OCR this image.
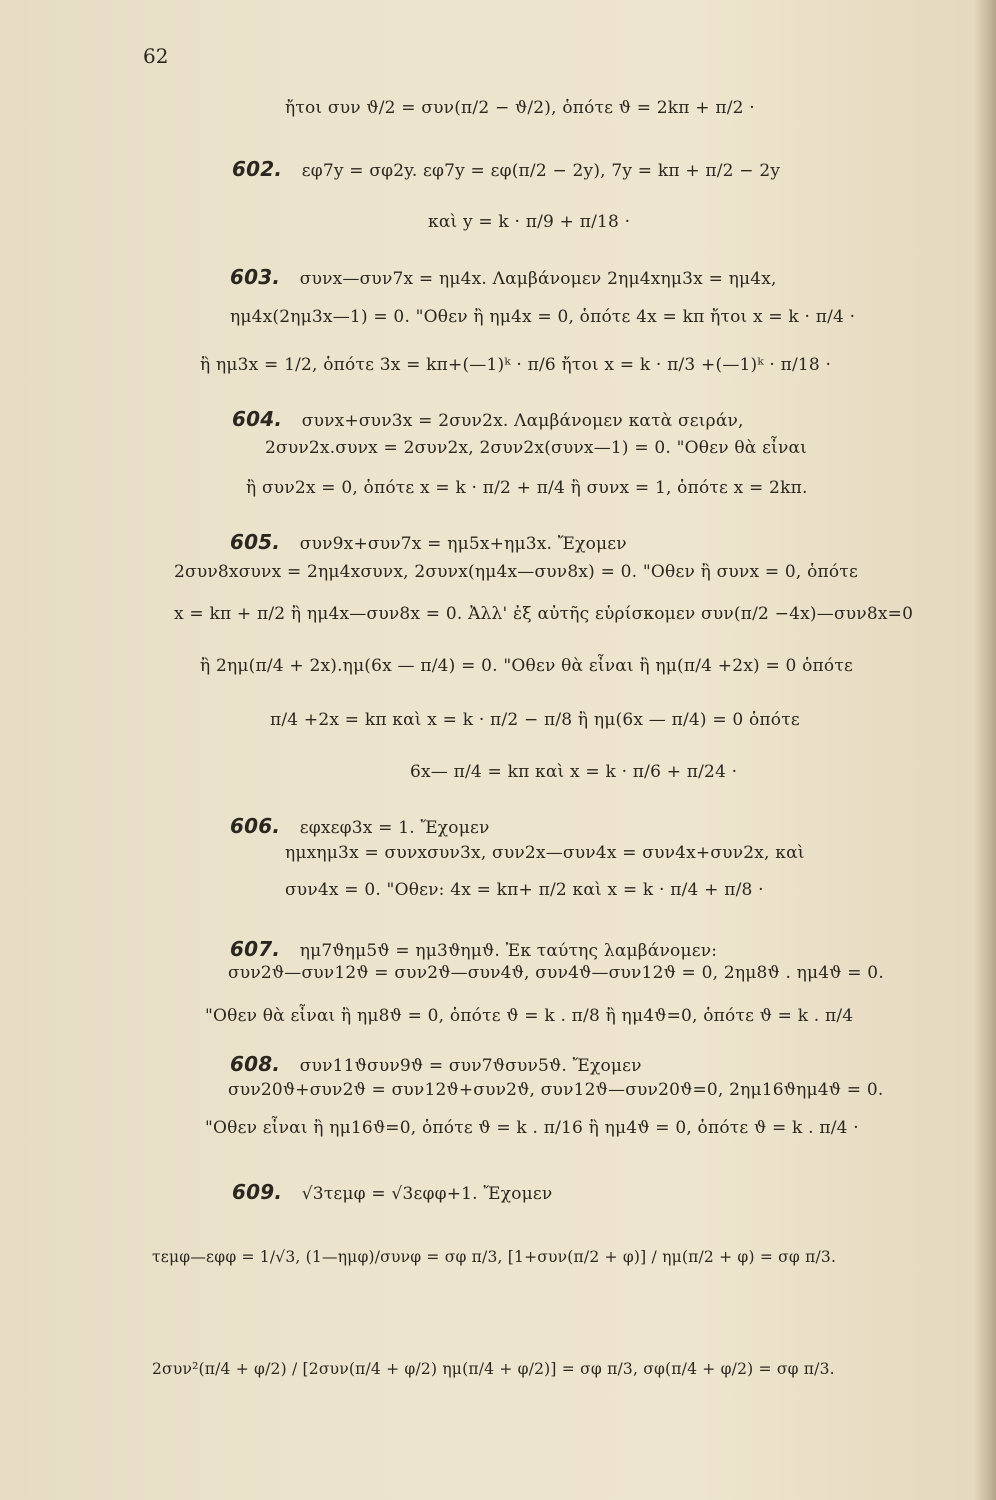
62
ἤτοι συν ϑ/2 = συν(π/2 − ϑ/2), ὁπότε ϑ = 2kπ + π/2 ·
602. εφ7y = σφ2y. εφ7y = εφ(π/2 − 2y), 7y = kπ + π/2 − 2y
καὶ y = k · π/9 + π/18 ·
603. συνx—συν7x = ημ4x. Λαμβάνομεν 2ημ4xημ3x = ημ4x,
ημ4x(2ημ3x—1) = 0. "Οθεν ἢ ημ4x = 0, ὁπότε 4x = kπ ἤτοι x = k · π/4 ·
ἢ ημ3x = 1/2, ὁπότε 3x = kπ+(—1)ᵏ · π/6 ἤτοι x = k · π/3 +(—1)ᵏ · π/18 ·
604. συνx+συν3x = 2συν2x. Λαμβάνομεν κατὰ σειράν,
2συν2x.συνx = 2συν2x, 2συν2x(συνx—1) = 0. "Οθεν θὰ εἶναι
ἢ συν2x = 0, ὁπότε x = k · π/2 + π/4 ἢ συνx = 1, ὁπότε x = 2kπ.
605. συν9x+συν7x = ημ5x+ημ3x. Ἔχομεν
2συν8xσυνx = 2ημ4xσυνx, 2συνx(ημ4x—συν8x) = 0. "Οθεν ἢ συνx = 0, ὁπότε
x = kπ + π/2 ἢ ημ4x—συν8x = 0. Ἀλλ' ἐξ αὐτῆς εὑρίσκομεν συν(π/2 −4x)—συν8x=0
ἢ 2ημ(π/4 + 2x).ημ(6x — π/4) = 0. "Οθεν θὰ εἶναι ἢ ημ(π/4 +2x) = 0 ὁπότε
π/4 +2x = kπ καὶ x = k · π/2 − π/8 ἢ ημ(6x — π/4) = 0 ὁπότε
6x— π/4 = kπ καὶ x = k · π/6 + π/24 ·
606. εφxεφ3x = 1. Ἔχομεν
ημxημ3x = συνxσυν3x, συν2x—συν4x = συν4x+συν2x, καὶ
συν4x = 0. "Οθεν: 4x = kπ+ π/2 καὶ x = k · π/4 + π/8 ·
607. ημ7ϑημ5ϑ = ημ3ϑημϑ. Ἐκ ταύτης λαμβάνομεν:
συν2ϑ—συν12ϑ = συν2ϑ—συν4ϑ, συν4ϑ—συν12ϑ = 0, 2ημ8ϑ . ημ4ϑ = 0.
"Οθεν θὰ εἶναι ἢ ημ8ϑ = 0, ὁπότε ϑ = k . π/8 ἢ ημ4ϑ=0, ὁπότε ϑ = k . π/4
608. συν11ϑσυν9ϑ = συν7ϑσυν5ϑ. Ἔχομεν
συν20ϑ+συν2ϑ = συν12ϑ+συν2ϑ, συν12ϑ—συν20ϑ=0, 2ημ16ϑημ4ϑ = 0.
"Οθεν εἶναι ἢ ημ16ϑ=0, ὁπότε ϑ = k . π/16 ἢ ημ4ϑ = 0, ὁπότε ϑ = k . π/4 ·
609. √3τεμφ = √3εφφ+1. Ἔχομεν
τεμφ—εφφ = 1/√3, (1—ημφ)/συνφ = σφ π/3, [1+συν(π/2 + φ)] / ημ(π/2 + φ) = σφ π/3.
2συν²(π/4 + φ/2) / [2συν(π/4 + φ/2) ημ(π/4 + φ/2)] = σφ π/3, σφ(π/4 + φ/2) = σφ π/3.
